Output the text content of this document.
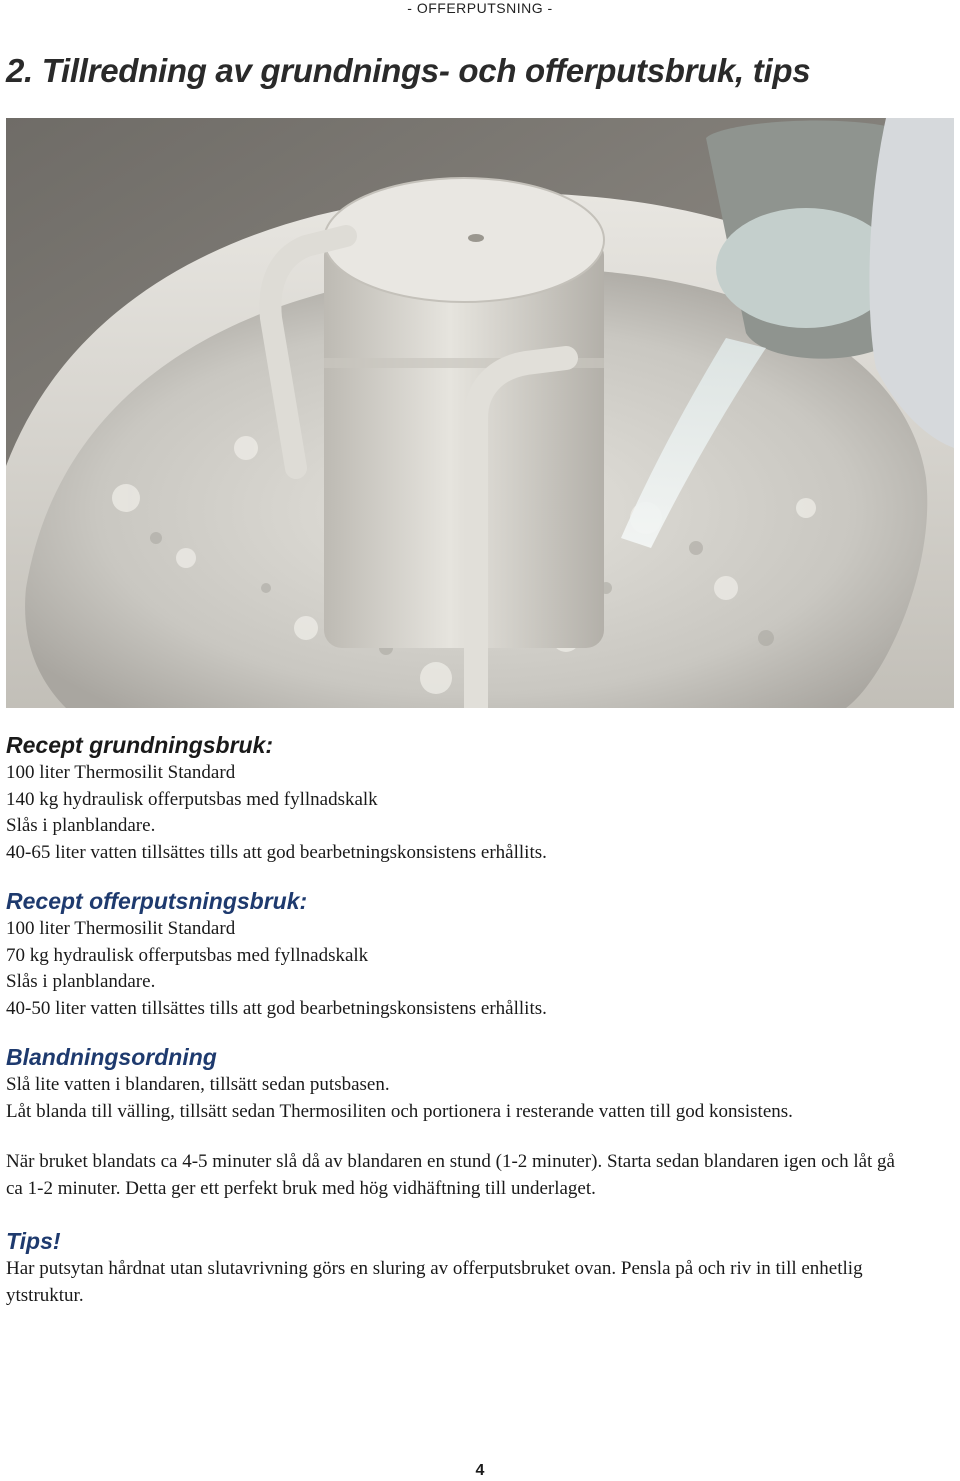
- OFFERPUTSNING -
2. Tillredning av grundnings- och offerputsbruk, tips
Recept grundningsbruk:
100 liter Thermosilit Standard
140 kg hydraulisk offerputsbas med fyllnadskalk
Slås i planblandare.
40-65 liter vatten tillsättes tills att god bearbetningskonsistens erhållits.
Recept offerputsningsbruk:
100 liter Thermosilit Standard
70 kg hydraulisk offerputsbas med fyllnadskalk
Slås i planblandare.
40-50 liter vatten tillsättes tills att god bearbetningskonsistens erhållits.
Blandningsordning

Slå lite vatten i blandaren, tillsätt sedan putsbasen.

Låt blanda till välling, tillsätt sedan Thermosiliten och portionera i resterande vatten till god konsistens.

När bruket blandats ca 4-5 minuter slå då av blandaren en stund (1-2 minuter). Starta sedan blandaren igen och låt gå ca 1-2 minuter. Detta ger ett perfekt bruk med hög vidhäftning till underlaget.

Tips!

Har putsytan hårdnat utan slutavrivning görs en sluring av offerputsbruket ovan. Pensla på och riv in till enhetlig ytstruktur.

4
